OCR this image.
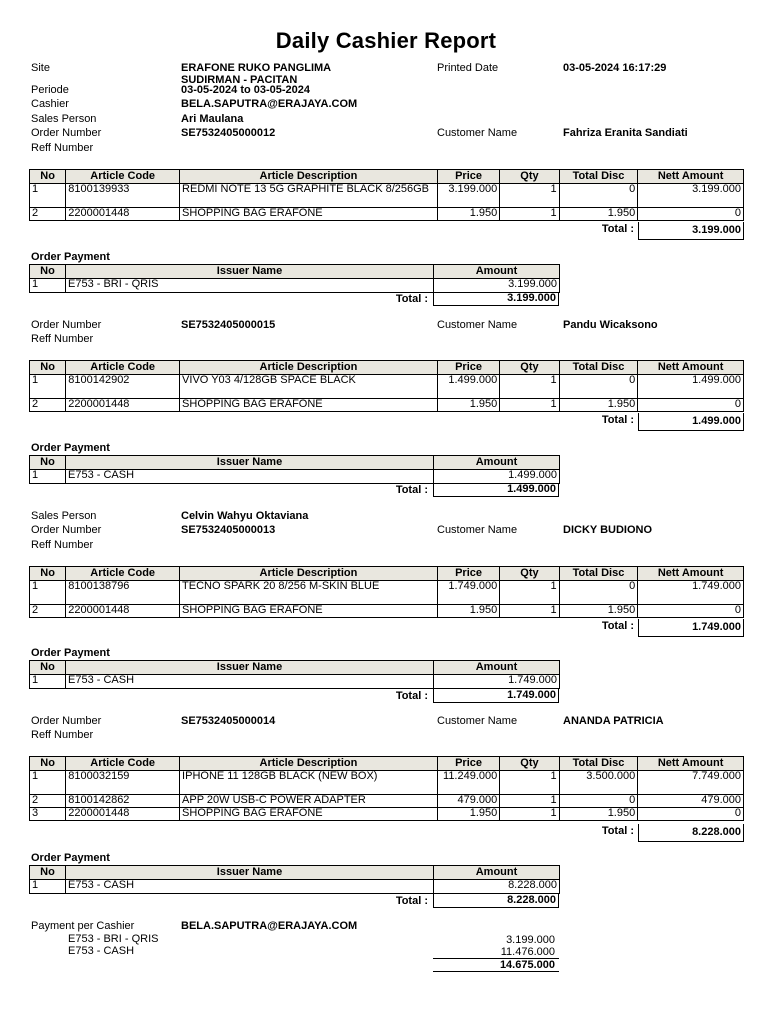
Daily Cashier Report
Site	ERAFONE RUKO PANGLIMA
SUDIRMAN - PACITAN
Printed Date	03-05-2024 16:17:29
Periode	03-05-2024 to 03-05-2024
Cashier	BELA.SAPUTRA@ERAJAYA.COM
Sales Person	Ari Maulana
Order Number	SE7532405000012	Customer Name	Fahriza Eranita Sandiati
Reff Number
No	Article Code	Article Description	Price	Qty	Total Disc	Nett Amount
1	8100139933	REDMI NOTE 13 5G GRAPHITE BLACK 8/256GB	3.199.000	1	0	3.199.000
2	2200001448	SHOPPING BAG ERAFONE	1.950	1	1.950	0
Total :	3.199.000
Order Payment
No	Issuer Name	Amount
1	E753 - BRI - QRIS	3.199.000
Total :	3.199.000
Order Number	SE7532405000015	Customer Name	Pandu Wicaksono
Reff Number
No	Article Code	Article Description	Price	Qty	Total Disc	Nett Amount
1	8100142902	VIVO Y03 4/128GB SPACE BLACK	1.499.000	1	0	1.499.000
2	2200001448	SHOPPING BAG ERAFONE	1.950	1	1.950	0
Total :	1.499.000
Order Payment
No	Issuer Name	Amount
1	E753 - CASH	1.499.000
Total :	1.499.000
Sales Person	Celvin Wahyu Oktaviana
Order Number	SE7532405000013	Customer Name	DICKY BUDIONO
Reff Number
No	Article Code	Article Description	Price	Qty	Total Disc	Nett Amount
1	8100138796	TECNO SPARK 20 8/256 M-SKIN BLUE	1.749.000	1	0	1.749.000
2	2200001448	SHOPPING BAG ERAFONE	1.950	1	1.950	0
Total :	1.749.000
Order Payment
No	Issuer Name	Amount
1	E753 - CASH	1.749.000
Total :	1.749.000
Order Number	SE7532405000014	Customer Name	ANANDA PATRICIA
Reff Number
No	Article Code	Article Description	Price	Qty	Total Disc	Nett Amount
1	8100032159	IPHONE 11 128GB BLACK (NEW BOX)	11.249.000	1	3.500.000	7.749.000
2	8100142862	APP 20W USB-C POWER ADAPTER	479.000	1	0	479.000
3	2200001448	SHOPPING BAG ERAFONE	1.950	1	1.950	0
Total :	8.228.000
Order Payment
No	Issuer Name	Amount
1	E753 - CASH	8.228.000
Total :	8.228.000
Payment per Cashier	BELA.SAPUTRA@ERAJAYA.COM
E753 - BRI - QRIS	3.199.000
E753 - CASH	11.476.000
14.675.000
